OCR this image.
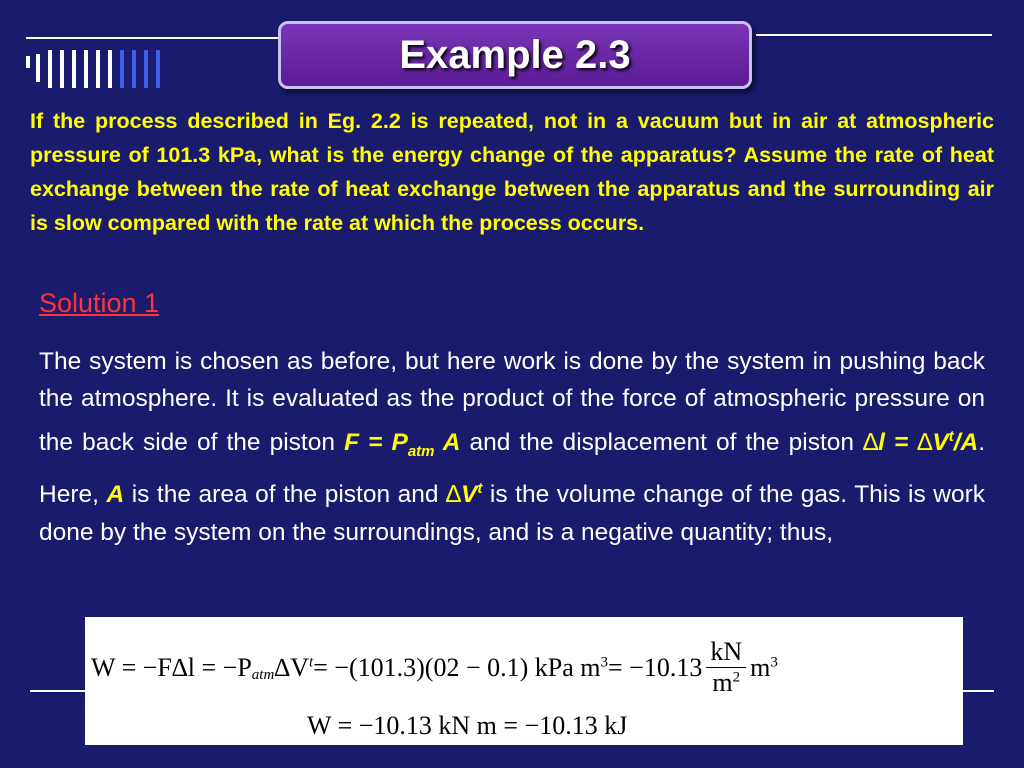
Example 2.3

If the process described in Eg. 2.2 is repeated, not in a vacuum but in air at atmospheric pressure of 101.3 kPa, what is the energy change of the apparatus? Assume the rate of heat exchange between the rate of heat exchange between the apparatus and the surrounding air is slow compared with the rate at which the process occurs.

Solution 1

The system is chosen as before, but here work is done by the system in pushing back the atmosphere. It is evaluated as the product of the force of atmospheric pressure on the back side of the piston $F = P_{atm}$ A and the displacement of the piston $\Delta l = \Delta V^t/A$. Here, A is the area of the piston and $\Delta V^t$ is the volume change of the gas. This is work done by the system on the surroundings, and is a negative quantity; thus,

$W = -F\Delta l = -P_{atm}\Delta V^t= -(101.3)(02 - 0.1)$ kPa $m^3= -10.13 \frac{kN}{m^2} m^3$
W = −10.13 kN m = −10.13 kJ
